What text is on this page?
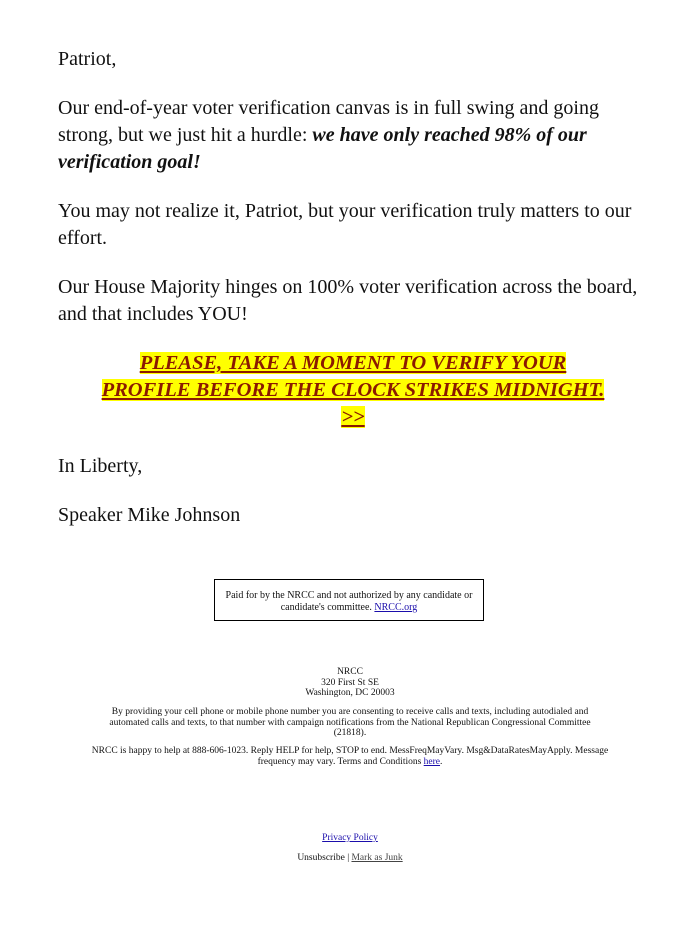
Patriot,

Our end-of-year voter verification canvas is in full swing and going strong, but we just hit a hurdle: we have only reached 98% of our verification goal!

You may not realize it, Patriot, but your verification truly matters to our effort.

Our House Majority hinges on 100% voter verification across the board, and that includes YOU!

PLEASE, TAKE A MOMENT TO VERIFY YOUR
PROFILE BEFORE THE CLOCK STRIKES MIDNIGHT.
>>

In Liberty,

Speaker Mike Johnson

Paid for by the NRCC and not authorized by any candidate or candidate's committee. NRCC.org
NRCC
320 First St SE
Washington, DC 20003
By providing your cell phone or mobile phone number you are consenting to receive calls and texts, including autodialed and automated calls and texts, to that number with campaign notifications from the National Republican Congressional Committee (21818).
NRCC is happy to help at 888-606-1023. Reply HELP for help, STOP to end. MessFreqMayVary. Msg&DataRatesMayApply. Message frequency may vary. Terms and Conditions here.
Privacy Policy
Unsubscribe | Mark as Junk
